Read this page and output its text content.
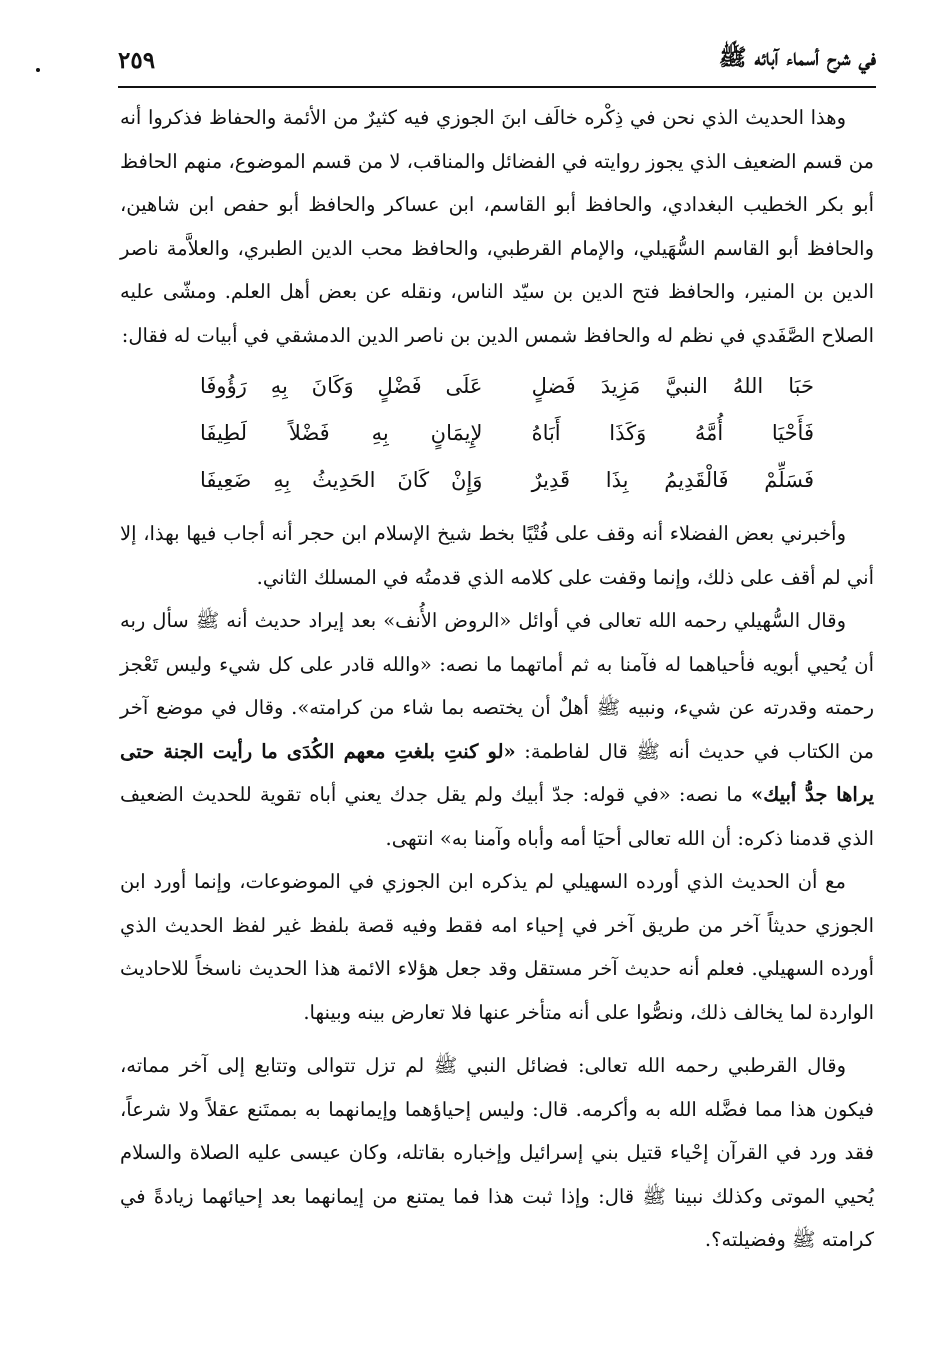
في شرح أسماء آبائه ﷺ
٢٥٩

وهذا الحديث الذي نحن في ذِكْره خالَف ابنَ الجوزي فيه كثيرٌ من الأئمة والحفاظ فذكروا أنه من قسم الضعيف الذي يجوز روايته في الفضائل والمناقب، لا من قسم الموضوع، منهم الحافظ أبو بكر الخطيب البغدادي، والحافظ أبو القاسم، ابن عساكر والحافظ أبو حفص ابن شاهين، والحافظ أبو القاسم السُّهَيلي، والإمام القرطبي، والحافظ محب الدين الطبري، والعلاَّمة ناصر الدين بن المنير، والحافظ فتح الدين بن سيّد الناس، ونقله عن بعض أهل العلم. ومشّى عليه الصلاح الصَّفَدي في نظم له والحافظ شمس الدين بن ناصر الدين الدمشقي في أبيات له فقال:

حَبَا اللهُ النبيَّ مَزِيدَ فَضلٍ
عَلَى فَضْلٍ وَكَانَ بِهِ رَؤُوفَا
فَأَحْيَا أُمَّهُ وَكَذَا أَبَاهُ
لإِيمَانٍ بِهِ فَضْلاً لَطِيفَا
فَسَلِّمْ فَالْقَدِيمُ بِذَا قَدِيرٌ
وَإِنْ كَانَ الحَدِيثُ بِهِ ضَعِيفَا

وأخبرني بعض الفضلاء أنه وقف على فُتْيًا بخط شيخ الإسلام ابن حجر أنه أجاب فيها بهذا، إلا أني لم أقف على ذلك، وإنما وقفت على كلامه الذي قدمتُه في المسلك الثاني.

وقال السُّهيلي رحمه الله تعالى في أوائل «الروض الأُنف» بعد إيراد حديث أنه ﷺ سأل ربه أن يُحيي أبويه فأحياهما له فآمنا به ثم أماتهما ما نصه: «والله قادر على كل شيء وليس تَعْجز رحمته وقدرته عن شيء، ونبيه ﷺ أهلٌ أن يختصه بما شاء من كرامته». وقال في موضع آخر من الكتاب في حديث أنه ﷺ قال لفاطمة: «لو كنتِ بلغتِ معهم الكُدَى ما رأيت الجنة حتى يراها جدُّ أبيك» ما نصه: «في قوله: جدّ أبيك ولم يقل جدك يعني أباه تقوية للحديث الضعيف الذي قدمنا ذكره: أن الله تعالى أحيَا أمه وأباه وآمنا به» انتهى.

مع أن الحديث الذي أورده السهيلي لم يذكره ابن الجوزي في الموضوعات، وإنما أورد ابن الجوزي حديثاً آخر من طريق آخر في إحياء امه فقط وفيه قصة بلفظ غير لفظ الحديث الذي أورده السهيلي. فعلم أنه حديث آخر مستقل وقد جعل هؤلاء الائمة هذا الحديث ناسخاً للاحاديث الواردة لما يخالف ذلك، ونصُّوا على أنه متأخر عنها فلا تعارض بينه وبينها.

وقال القرطبي رحمه الله تعالى: فضائل النبي ﷺ لم تزل تتوالى وتتابع إلى آخر مماته، فيكون هذا مما فضَّله الله به وأكرمه. قال: وليس إحياؤهما وإيمانهما به بممتَنع عقلاً ولا شرعاً، فقد ورد في القرآن إحْياء قتيل بني إسرائيل وإخباره بقاتله، وكان عيسى عليه الصلاة والسلام يُحيي الموتى وكذلك نبينا ﷺ قال: وإذا ثبت هذا فما يمتنع من إيمانهما بعد إحيائهما زيادةً في كرامته ﷺ وفضيلته؟.
